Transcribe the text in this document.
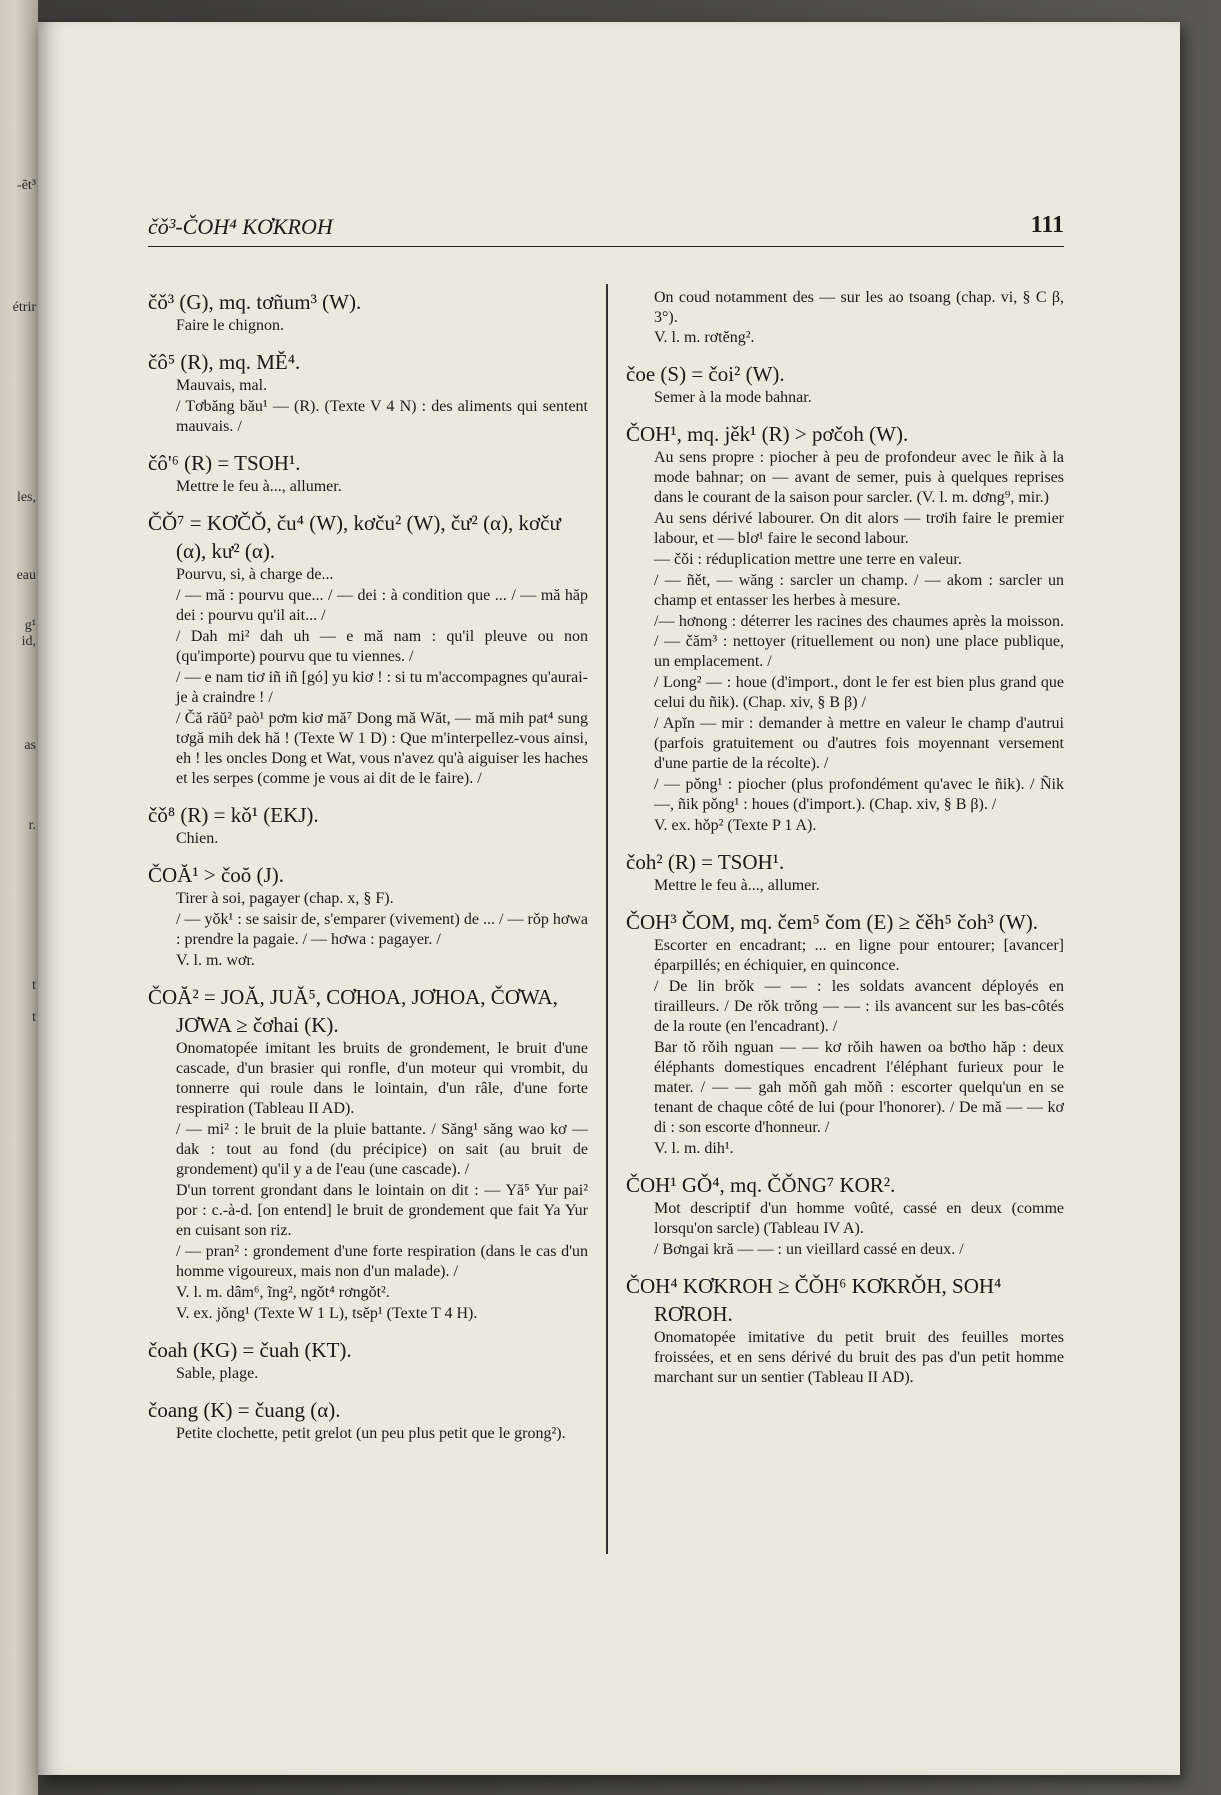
-ẽt³
étrir
les,
eau
g¹
id,
as
r.
t
t
čǒ³-ČOH⁴ KƠKROH	111
čǒ³ (G), mq. tơñum³ (W).

Faire le chignon.

čô⁵ (R), mq. MĚ⁴.

Mauvais, mal.

/ Tơbăng bău¹ — (R). (Texte V 4 N) : des aliments qui sentent mauvais. /

čô'⁶ (R) = TSOH¹.

Mettre le feu à..., allumer.

ČǑ⁷ = KƠČǑ, ču⁴ (W), kơču² (W), čư² (α), kơčư (α), kư² (α).

Pourvu, si, à charge de...

/ — mă : pourvu que... / — dei : à condition que ... / — mă hăp dei : pourvu qu'il ait... /

/ Dah mi² dah uh — e mă nam : qu'il pleuve ou non (qu'importe) pourvu que tu viennes. /

/ — e nam tiơ iñ iñ [gó] yu kiơ ! : si tu m'accompagnes qu'aurai-je à craindre ! /

/ Čă răŭ² paò¹ pơm kiơ mă⁷ Dong mă Wăt, — mă mih pat⁴ sung tơgă mih dek hă ! (Texte W 1 D) : Que m'interpellez-vous ainsi, eh ! les oncles Dong et Wat, vous n'avez qu'à aiguiser les haches et les serpes (comme je vous ai dit de le faire). /

čǒ⁸ (R) = kǒ¹ (EKJ).

Chien.

ČOĂ¹ > čoŏ (J).

Tirer à soi, pagayer (chap. x, § F).

/ — yǒk¹ : se saisir de, s'emparer (vivement) de ... / — rǒp hơwa : prendre la pagaie. / — hơwa : pagayer. /

V. l. m. wơr.

ČOĂ² = JOĂ, JUĂ⁵, CƠHOA, JƠHOA, ČƠWA, JƠWA ≥ čơhai (K).

Onomatopée imitant les bruits de grondement, le bruit d'une cascade, d'un brasier qui ronfle, d'un moteur qui vrombit, du tonnerre qui roule dans le lointain, d'un râle, d'une forte respiration (Tableau II AD).

/ — mi² : le bruit de la pluie battante. / Săng¹ săng wao kơ — dak : tout au fond (du précipice) on sait (au bruit de grondement) qu'il y a de l'eau (une cascade). /

D'un torrent grondant dans le lointain on dit : — Yă⁵ Yur pai² por : c.-à-d. [on entend] le bruit de grondement que fait Ya Yur en cuisant son riz.

/ — pran² : grondement d'une forte respiration (dans le cas d'un homme vigoureux, mais non d'un malade). /

V. l. m. dâm⁶, ĩng², ngǒt⁴ rơngǒt².

V. ex. jǒng¹ (Texte W 1 L), tsěp¹ (Texte T 4 H).

čoah (KG) = čuah (KT).

Sable, plage.

čoang (K) = čuang (α).

Petite clochette, petit grelot (un peu plus petit que le grong²).

On coud notamment des — sur les ao tsoang (chap. vi, § C β, 3°).

V. l. m. rơtěng².

čoe (S) = čoi² (W).

Semer à la mode bahnar.

ČOH¹, mq. jěk¹ (R) > pơčoh (W).

Au sens propre : piocher à peu de profondeur avec le ñik à la mode bahnar; on — avant de semer, puis à quelques reprises dans le courant de la saison pour sarcler. (V. l. m. dơng⁹, mir.)

Au sens dérivé labourer. On dit alors — trơih faire le premier labour, et — blơ¹ faire le second labour.

— čǒi : réduplication mettre une terre en valeur.

/ — ñět, — wăng : sarcler un champ. / — akom : sarcler un champ et entasser les herbes à mesure.

/— hơnong : déterrer les racines des chaumes après la moisson. / — čăm³ : nettoyer (rituellement ou non) une place publique, un emplacement. /

/ Long² — : houe (d'import., dont le fer est bien plus grand que celui du ñik). (Chap. xiv, § B β) /

/ Apĭn — mir : demander à mettre en valeur le champ d'autrui (parfois gratuitement ou d'autres fois moyennant versement d'une partie de la récolte). /

/ — pǒng¹ : piocher (plus profondément qu'avec le ñik). / Ñik —, ñik pǒng¹ : houes (d'import.). (Chap. xiv, § B β). /

V. ex. hǒp² (Texte P 1 A).

čoh² (R) = TSOH¹.

Mettre le feu à..., allumer.

ČOH³ ČOM, mq. čem⁵ čom (E) ≥ čěh⁵ čoh³ (W).

Escorter en encadrant; ... en ligne pour entourer; [avancer] éparpillés; en échiquier, en quinconce.

/ De lin brǒk — — : les soldats avancent déployés en tirailleurs. / De rǒk trǒng — — : ils avancent sur les bas-côtés de la route (en l'encadrant). /

Bar tǒ rǒih nguan — — kơ rǒih hawen oa bơtho hăp : deux éléphants domestiques encadrent l'éléphant furieux pour le mater. / — — gah mǒñ gah mǒñ : escorter quelqu'un en se tenant de chaque côté de lui (pour l'honorer). / De mă — — kơ di : son escorte d'honneur. /

V. l. m. dih¹.

ČOH¹ GǑ⁴, mq. ČǑNG⁷ KOR².

Mot descriptif d'un homme voûté, cassé en deux (comme lorsqu'on sarcle) (Tableau IV A).

/ Bơngai kră — — : un vieillard cassé en deux. /

ČOH⁴ KƠKROH ≥ ČǑH⁶ KƠKRǑH, SOH⁴ RƠROH.

Onomatopée imitative du petit bruit des feuilles mortes froissées, et en sens dérivé du bruit des pas d'un petit homme marchant sur un sentier (Tableau II AD).
